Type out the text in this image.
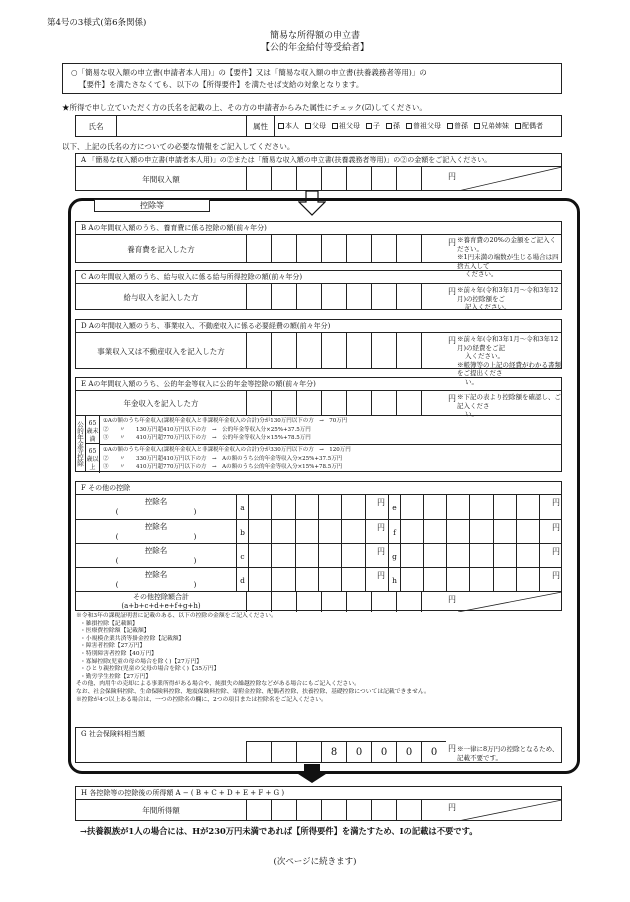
第4号の3様式(第6条関係)
簡易な所得額の申立書
【公的年金給付等受給者】
○「簡易な収入額の申立書(申請者本人用)」の【要件】又は「簡易な収入額の申立書(扶養義務者等用)」の
【要件】を満たさなくても、以下の【所得要件】を満たせば支給の対象となります。
★所得で申し立ていただく方の氏名を記載の上、その方の申請者からみた属性にチェック(☑)してください。
氏名	属性	本人 父母 祖父母 子 孫 曾祖父母 曾孫 兄弟姉妹 配偶者
以下、上記の氏名の方についての必要な情報をご記入してください。
A 「簡易な収入額の申立書(申請者本人用)」の②または「簡易な収入額の申立書(扶養義務者等用)」の②の金額をご記入ください。
年間収入額	円
控除等
B Aの年間収入額のうち、養育費に係る控除の額(前々年分)
養育費を記入した方
円 ※養育費の20%の金額をご記入ください。
※1円未満の端数が生じる場合は四捨五入して
ください。
C Aの年間収入額のうち、給与収入に係る給与所得控除の額(前々年分)
給与収入を記入した方
円 ※前々年(令和3年1月〜令和3年12月)の控除額をご
記入ください。
D Aの年間収入額のうち、事業収入、不動産収入に係る必要経費の額(前々年分)
事業収入又は不動産収入を記入した方
円 ※前々年(令和3年1月〜令和3年12月)の経費をご記
入ください。
※帳簿等の上記の経費がわかる書類をご提出くださ
い。
E Aの年間収入額のうち、公的年金等収入に公的年金等控除の額(前々年分)
年金収入を記入した方	円 ※下記の表より控除額を確認し、ご記入くださ
い。
公的年金等控除 65歳未満
65歳以上
①Aの額のうち年金収入(課税年金収入と非課税年金収入の合計)分が130万円以下の方　→　70万円
②　　〃　　130万円超410万円以下の方　→　公的年金等収入分×25%+37.5万円
③　　〃　　410万円超770万円以下の方　→　公的年金等収入分×15%+78.5万円
①Aの額のうち年金収入(課税年金収入と非課税年金収入の合計)分が330万円以下の方　→　120万円
②　　〃　　330万円超410万円以下の方　→　Aの額のうち公的年金等収入分×25%+37.5万円
③　　〃　　410万円超770万円以下の方　→　Aの額のうち公的年金等収入分×15%+78.5万円
F その他の控除
控除名
(　　　　　　　　　　)	a	円 e	円
控除名
(　　　　　　　　　　)	b	円	f	円
控除名
(　　　　　　　　　　)	c	円 g	円
控除名
(　　　　　　　　　　)	d	円 h	円
その他控除額合計
(a+b+c+d+e+f+g+h)
円
※令和3年の課税証明書に記載のある、以下の控除の金額をご記入ください。
・雑損控除【記載額】
・医療費控除額【記載額】
・小規模企業共済等掛金控除【記載額】
・障害者控除【27万円】
・特別障害者控除【40万円】
・寡婦控除(児童の母の場合を除く)【27万円】
・ひとり親控除(児童の父母の場合を除く)【35万円】
・勤労学生控除【27万円】
その他、肉用牛の売却による事業所得がある場合や、純損失の繰越控除などがある場合にもご記入ください。
なお、社会保険料控除、生命保険料控除、地震保険料控除、寄附金控除、配偶者控除、扶養控除、基礎控除については記載できません。
※控除が4つ以上ある場合は、一つの控除名の欄に、2つの項目または控除名をご記入ください。
G 社会保険料相当額
8	0	0	0	0	円 ※一律に8万円の控除となるため、記載不要です。
H 各控除等の控除後の所得額 A − ( B + C + D + E + F + G )
年間所得額	円
→扶養親族が1人の場合には、Hが230万円未満であれば【所得要件】を満たすため、Iの記載は不要です。
(次ページに続きます)
